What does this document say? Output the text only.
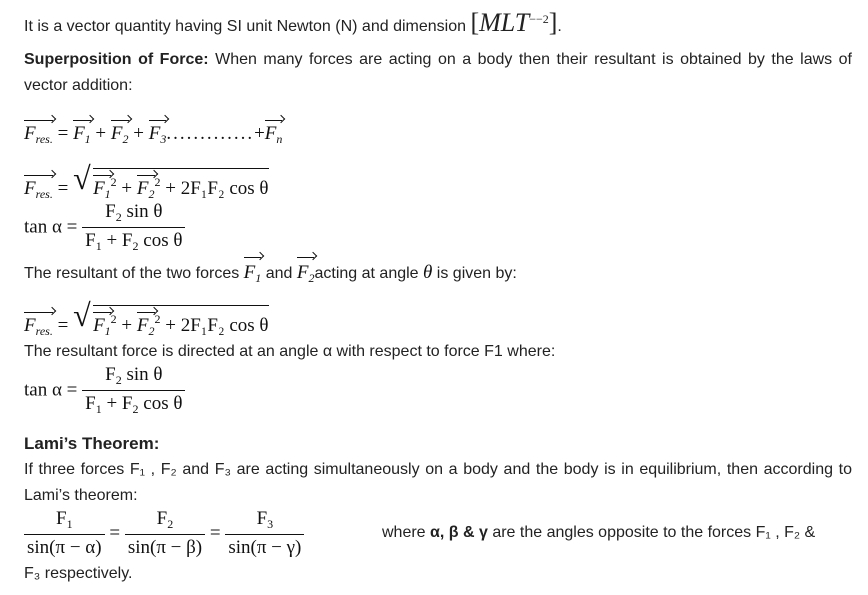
It is a vector quantity having SI unit Newton (N) and dimension $[MLT^{--2}]$.
Superposition of Force: When many forces are acting on a body then their resultant is obtained by the laws of vector addition:
$F_{res.} = F_1 + F_2 + F_3.............+F_n$
$F_{res.}$ = √ $F_1^2 + F_2^2 + 2F_1F_2$ cos θ
$\tan \alpha = \frac{F_2 \sin \theta}{F_1 + F_2 \cos \theta}$
The resultant of the two forces $F_1$ and $F_2acting$ at angle θ is given by:
$F_{res.}$ = √ $F_1^2 + F_2^2 + 2F_1F_2$ cos θ
The resultant force is directed at an angle α with respect to force F1 where:
$\tan \alpha = \frac{F_2 \sin \theta}{F_1 + F_2 \cos \theta}$
Lami’s Theorem:
If three forces F₁ , F₂ and F₃ are acting simultaneously on a body and the body is in equilibrium, then according to Lami’s theorem:
$\frac{F_1}{\sin(\pi - \alpha)} = \frac{F_2}{\sin(\pi - \beta)} = \frac{F_3}{\sin(\pi - \gamma)}$	where α, β & γ are the angles opposite to the forces F₁ , F₂ &
F₃ respectively.
